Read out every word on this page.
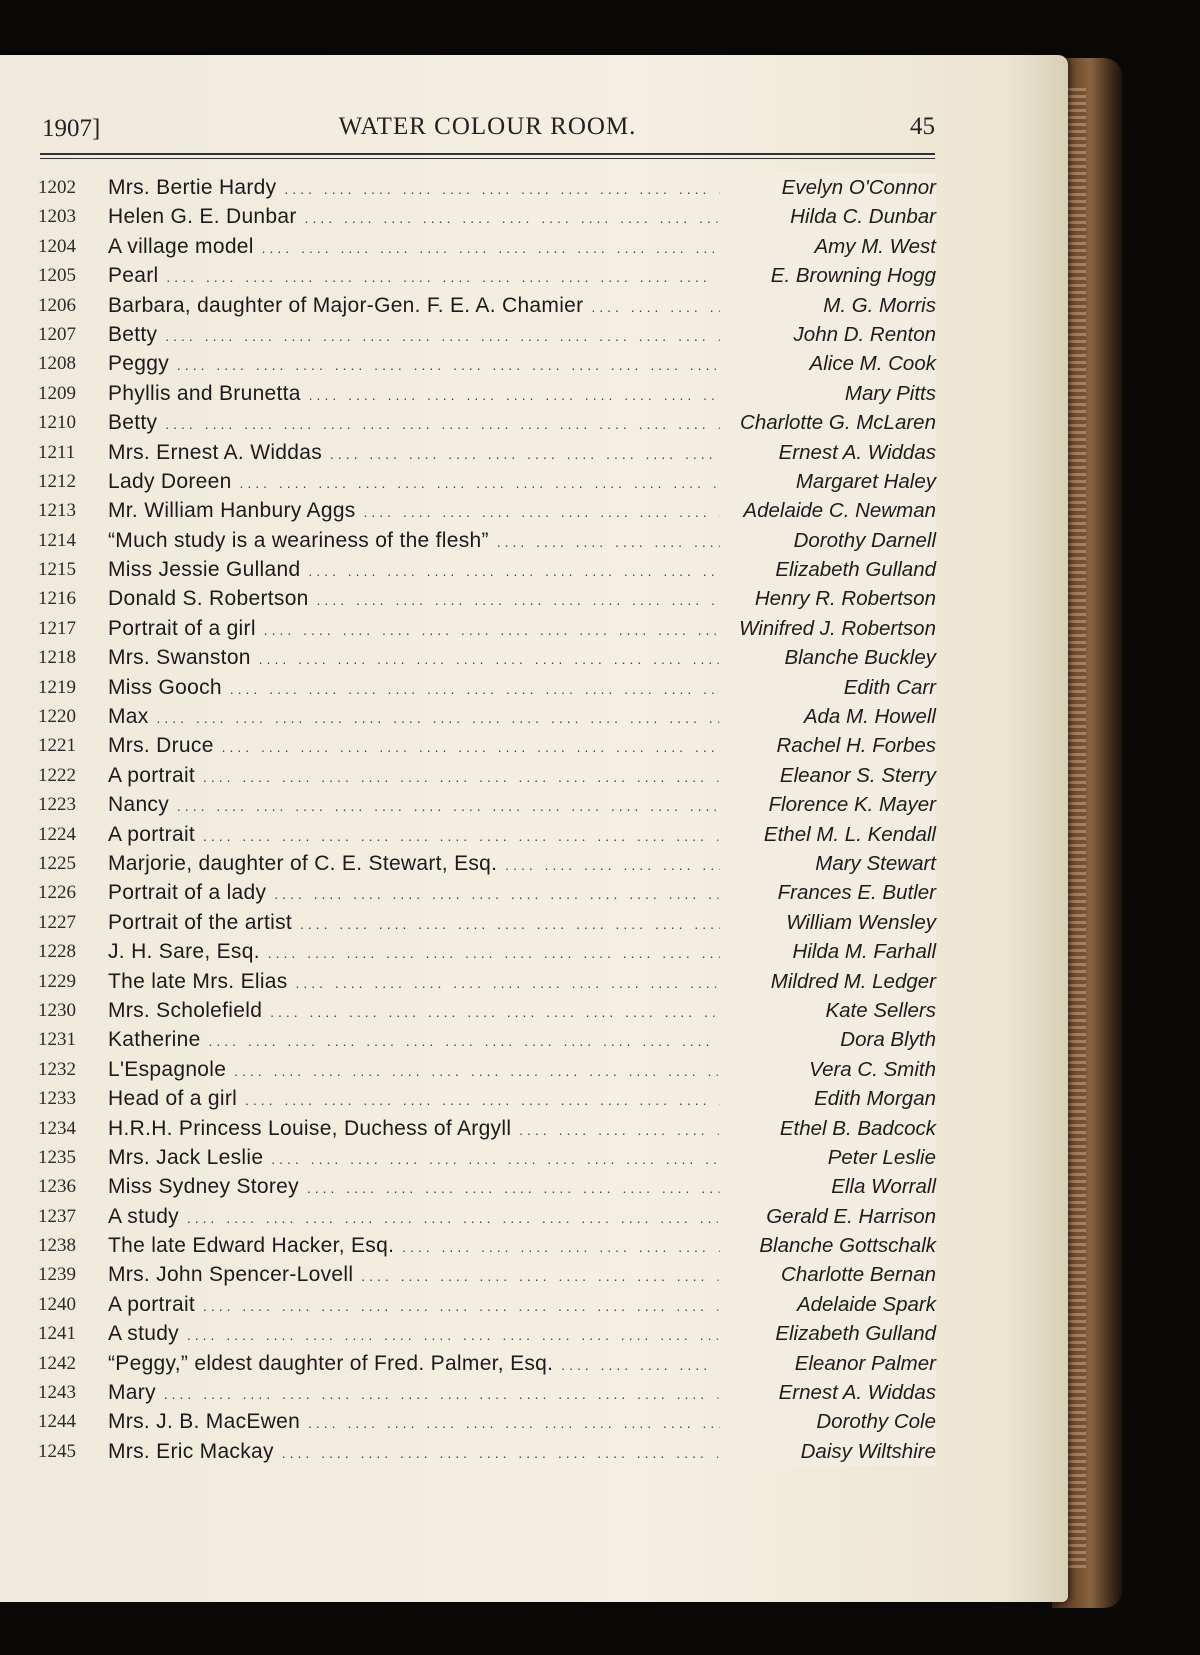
1907]	WATER COLOUR ROOM.	45
1202	Mrs. Bertie Hardy ....	Evelyn O'Connor
1203	Helen G. E. Dunbar ....	Hilda C. Dunbar
1204	A village model ....	Amy M. West
1205	Pearl ....	E. Browning Hogg
1206	Barbara, daughter of Major-Gen. F. E. A. Chamier ....	M. G. Morris
1207	Betty ....	John D. Renton
1208	Peggy ....	Alice M. Cook
1209	Phyllis and Brunetta ....	Mary Pitts
1210	Betty ....	Charlotte G. McLaren
1211	Mrs. Ernest A. Widdas ....	Ernest A. Widdas
1212	Lady Doreen ....	Margaret Haley
1213	Mr. William Hanbury Aggs ....	Adelaide C. Newman
1214	“Much study is a weariness of the flesh” ....	Dorothy Darnell
1215	Miss Jessie Gulland ....	Elizabeth Gulland
1216	Donald S. Robertson ....	Henry R. Robertson
1217	Portrait of a girl ....	Winifred J. Robertson
1218	Mrs. Swanston ....	Blanche Buckley
1219	Miss Gooch ....	Edith Carr
1220	Max ....	Ada M. Howell
1221	Mrs. Druce ....	Rachel H. Forbes
1222	A portrait ....	Eleanor S. Sterry
1223	Nancy ....	Florence K. Mayer
1224	A portrait ....	Ethel M. L. Kendall
1225	Marjorie, daughter of C. E. Stewart, Esq. ....	Mary Stewart
1226	Portrait of a lady ....	Frances E. Butler
1227	Portrait of the artist ....	William Wensley
1228	J. H. Sare, Esq. ....	Hilda M. Farhall
1229	The late Mrs. Elias ....	Mildred M. Ledger
1230	Mrs. Scholefield ....	Kate Sellers
1231	Katherine ....	Dora Blyth
1232	L'Espagnole ....	Vera C. Smith
1233	Head of a girl ....	Edith Morgan
1234	H.R.H. Princess Louise, Duchess of Argyll ....	Ethel B. Badcock
1235	Mrs. Jack Leslie ....	Peter Leslie
1236	Miss Sydney Storey ....	Ella Worrall
1237	A study ....	Gerald E. Harrison
1238	The late Edward Hacker, Esq. ....	Blanche Gottschalk
1239	Mrs. John Spencer-Lovell ....	Charlotte Bernan
1240	A portrait ....	Adelaide Spark
1241	A study ....	Elizabeth Gulland
1242	“Peggy,” eldest daughter of Fred. Palmer, Esq. ....	Eleanor Palmer
1243	Mary ....	Ernest A. Widdas
1244	Mrs. J. B. MacEwen ....	Dorothy Cole
1245	Mrs. Eric Mackay ....	Daisy Wiltshire
